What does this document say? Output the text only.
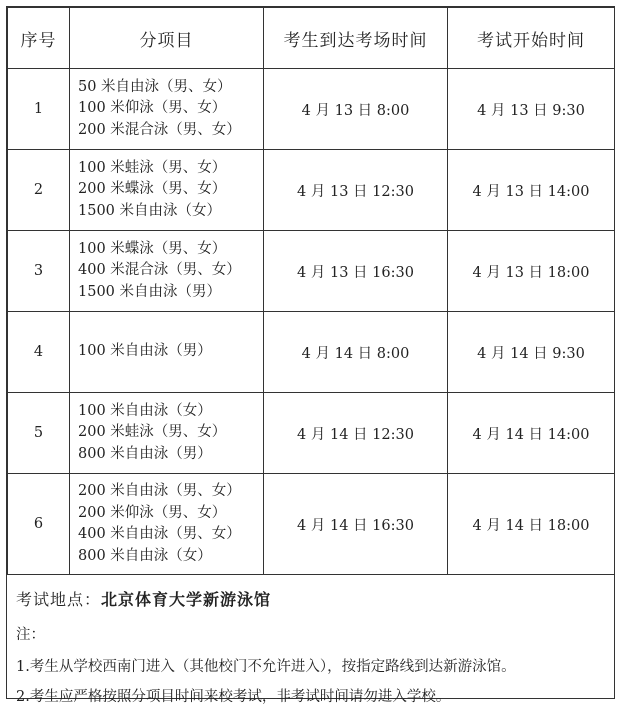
序号	分项目	考生到达考场时间	考试开始时间
1	50 米自由泳（男、女）
100 米仰泳（男、女）
200 米混合泳（男、女）	4 月 13 日 8:00	4 月 13 日 9:30
2	100 米蛙泳（男、女）
200 米蝶泳（男、女）
1500 米自由泳（女）	4 月 13 日 12:30	4 月 13 日 14:00
3	100 米蝶泳（男、女）
400 米混合泳（男、女）
1500 米自由泳（男）	4 月 13 日 16:30	4 月 13 日 18:00
4	100 米自由泳（男）	4 月 14 日 8:00	4 月 14 日 9:30
5	100 米自由泳（女）
200 米蛙泳（男、女）
800 米自由泳（男）	4 月 14 日 12:30	4 月 14 日 14:00
6	200 米自由泳（男、女）
200 米仰泳（男、女）
400 米自由泳（男、女）
800 米自由泳（女）	4 月 14 日 16:30	4 月 14 日 18:00
考试地点：北京体育大学新游泳馆
注：
1.考生从学校西南门进入（其他校门不允许进入），按指定路线到达新游泳馆。
2.考生应严格按照分项目时间来校考试，非考试时间请勿进入学校。
